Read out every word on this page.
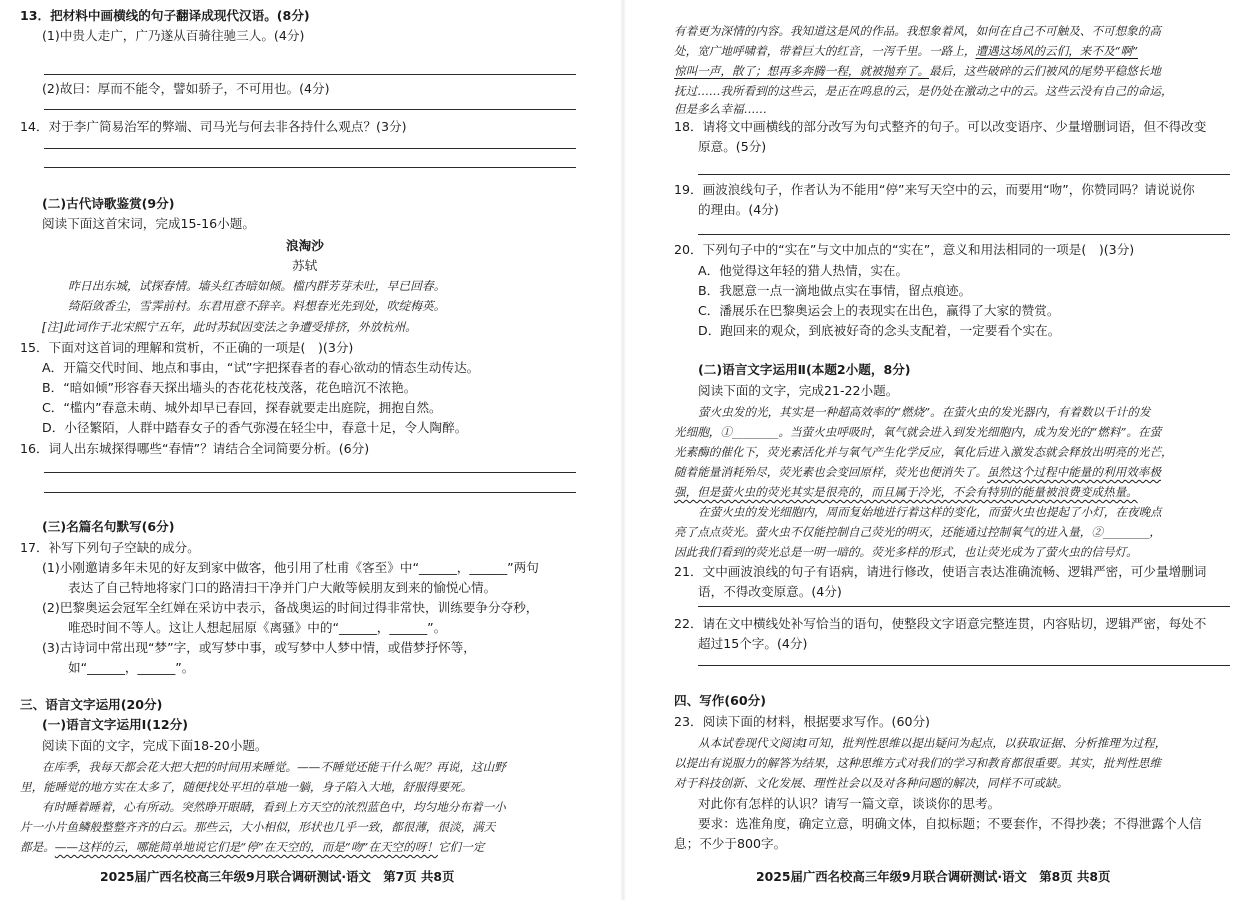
13．把材料中画横线的句子翻译成现代汉语。(8分)
(1)中贵人走广，广乃遂从百骑往驰三人。(4分)
(2)故曰：厚而不能令，譬如骄子，不可用也。(4分)
14．对于李广简易治军的弊端、司马光与何去非各持什么观点？(3分)
(二)古代诗歌鉴赏(9分)
阅读下面这首宋词，完成15-16小题。
浪淘沙
苏轼
昨日出东城，试探春情。墙头红杏暗如倾。槛内群芳芽未吐，早已回春。
绮陌敛香尘，雪霁前村。东君用意不辞辛。料想春光先到处，吹绽梅英。
[注]此词作于北宋熙宁五年，此时苏轼因变法之争遭受排挤，外放杭州。
15．下面对这首词的理解和赏析，不正确的一项是(　)(3分)
A．开篇交代时间、地点和事由，“试”字把探春者的春心欲动的情态生动传达。
B．“暗如倾”形容春天探出墙头的杏花花枝茂落，花色暗沉不浓艳。
C．“槛内”春意未萌、城外却早已春回，探春就要走出庭院，拥抱自然。
D．小径繁陌，人群中踏春女子的香气弥漫在轻尘中，春意十足，令人陶醉。
16．词人出东城探得哪些“春情”？请结合全词简要分析。(6分)
(三)名篇名句默写(6分)
17．补写下列句子空缺的成分。
(1)小刚邀请多年未见的好友到家中做客，他引用了杜甫《客至》中“______，______”两句
表达了自己特地将家门口的路清扫干净并门户大敞等候朋友到来的愉悦心情。
(2)巴黎奥运会冠军全红婵在采访中表示，备战奥运的时间过得非常快，训练要争分夺秒，
唯恐时间不等人。这让人想起屈原《离骚》中的“______，______”。
(3)古诗词中常出现“梦”字，或写梦中事，或写梦中人梦中情，或借梦抒怀等，
如“______，______”。
三、语言文字运用(20分)
(一)语言文字运用Ⅰ(12分)
阅读下面的文字，完成下面18-20小题。
在库季，我每天都会花大把大把的时间用来睡觉。——不睡觉还能干什么呢？再说，这山野
里，能睡觉的地方实在太多了，随便找处平坦的草地一躺，身子陷入大地，舒服得要死。
有时睡着睡着，心有所动。突然睁开眼睛，看到上方天空的浓烈蓝色中，均匀地分布着一小
片一小片鱼鳞般整整齐齐的白云。那些云，大小相似，形状也几乎一致，都很薄，很淡，满天
都是。——这样的云，哪能简单地说它们是“停”在天空的，而是“吻”在天空的呀！它们一定
2025届广西名校高三年级9月联合调研测试·语文　第7页 共8页
有着更为深情的内容。我知道这是风的作品。我想象着风，如何在自己不可触及、不可想象的高
处，宽广地呼啸着，带着巨大的红音，一泻千里。一路上，遭遇这场风的云们，来不及“啊”
惊叫一声，散了；想再多奔腾一程，就被抛弃了。最后，这些破碎的云们被风的尾势平稳悠长地
抚过……我所看到的这些云，是正在呜息的云，是仍处在激动之中的云。这些云没有自己的命运，
但是多么幸福……
18．请将文中画横线的部分改写为句式整齐的句子。可以改变语序、少量增删词语，但不得改变
原意。(5分)
19．画波浪线句子，作者认为不能用“停”来写天空中的云，而要用“吻”，你赞同吗？请说说你
的理由。(4分)
20．下列句子中的“实在”与文中加点的“实在”，意义和用法相同的一项是(　)(3分)
A．他觉得这年轻的猎人热情，实在。
B．我愿意一点一滴地做点实在事情，留点痕迹。
C．潘展乐在巴黎奥运会上的表现实在出色，赢得了大家的赞赏。
D．跑回来的观众，到底被好奇的念头支配着，一定要看个实在。
(二)语言文字运用Ⅱ(本题2小题，8分)
阅读下面的文字，完成21-22小题。
萤火虫发的光，其实是一种超高效率的“燃烧”。在萤火虫的发光器内，有着数以千计的发
光细胞，①________。当萤火虫呼吸时，氧气就会进入到发光细胞内，成为发光的“燃料”。在萤
光素酶的催化下，荧光素活化并与氧气产生化学反应，氧化后进入激发态就会释放出明亮的光芒，
随着能量消耗殆尽，荧光素也会变回原样，荧光也便消失了。虽然这个过程中能量的利用效率极
强，但是萤火虫的荧光其实是很亮的，而且属于冷光，不会有特别的能量被浪费变成热量。
在萤火虫的发光细胞内，周而复始地进行着这样的变化，而萤火虫也提起了小灯，在夜晚点
亮了点点荧光。萤火虫不仅能控制自己荧光的明灭，还能通过控制氧气的进入量，②________，
因此我们看到的荧光总是一明一暗的。荧光多样的形式，也让荧光成为了萤火虫的信号灯。
21．文中画波浪线的句子有语病，请进行修改，使语言表达准确流畅、逻辑严密，可少量增删词
语，不得改变原意。(4分)
22．请在文中横线处补写恰当的语句，使整段文字语意完整连贯，内容贴切，逻辑严密，每处不
超过15个字。(4分)
四、写作(60分)
23．阅读下面的材料，根据要求写作。(60分)
从本试卷现代文阅读Ⅰ可知，批判性思维以提出疑问为起点，以获取证据、分析推理为过程，
以提出有说服力的解答为结果，这种思维方式对我们的学习和教育都很重要。其实，批判性思维
对于科技创新、文化发展、理性社会以及对各种问题的解决，同样不可或缺。
对此你有怎样的认识？请写一篇文章，谈谈你的思考。
要求：选准角度，确定立意，明确文体，自拟标题；不要套作，不得抄袭；不得泄露个人信
息；不少于800字。
2025届广西名校高三年级9月联合调研测试·语文　第8页 共8页
